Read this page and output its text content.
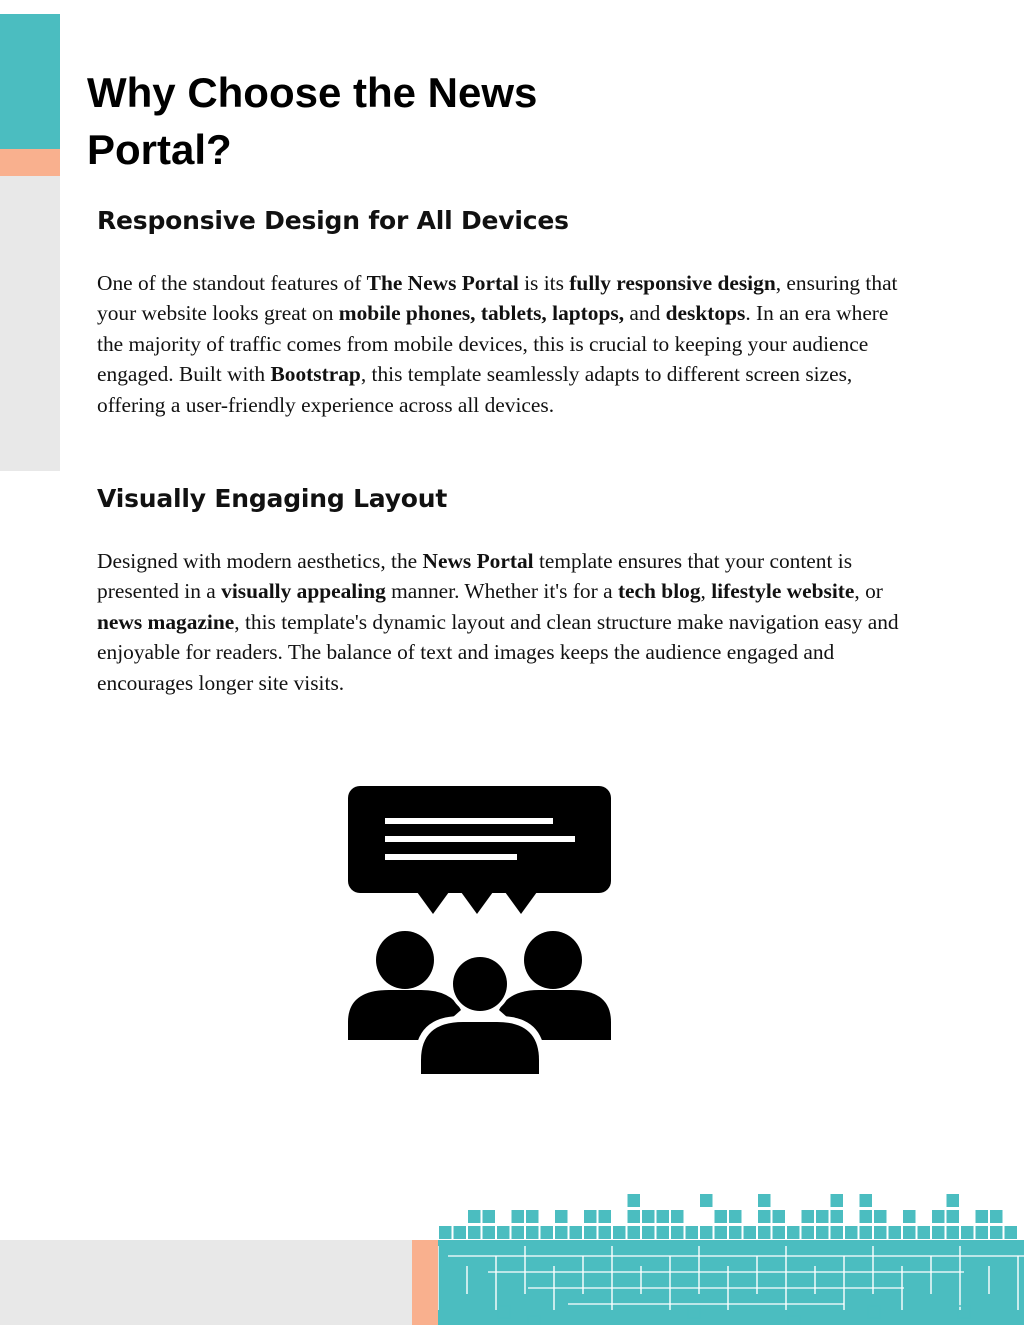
Why Choose the News Portal?
Responsive Design for All Devices

One of the standout features of The News Portal is its fully responsive design, ensuring that your website looks great on mobile phones, tablets, laptops, and desktops. In an era where the majority of traffic comes from mobile devices, this is crucial to keeping your audience engaged. Built with Bootstrap, this template seamlessly adapts to different screen sizes, offering a user-friendly experience across all devices.

Visually Engaging Layout

Designed with modern aesthetics, the News Portal template ensures that your content is presented in a visually appealing manner. Whether it's for a tech blog, lifestyle website, or news magazine, this template's dynamic layout and clean structure make navigation easy and enjoyable for readers. The balance of text and images keeps the audience engaged and encourages longer site visits.
